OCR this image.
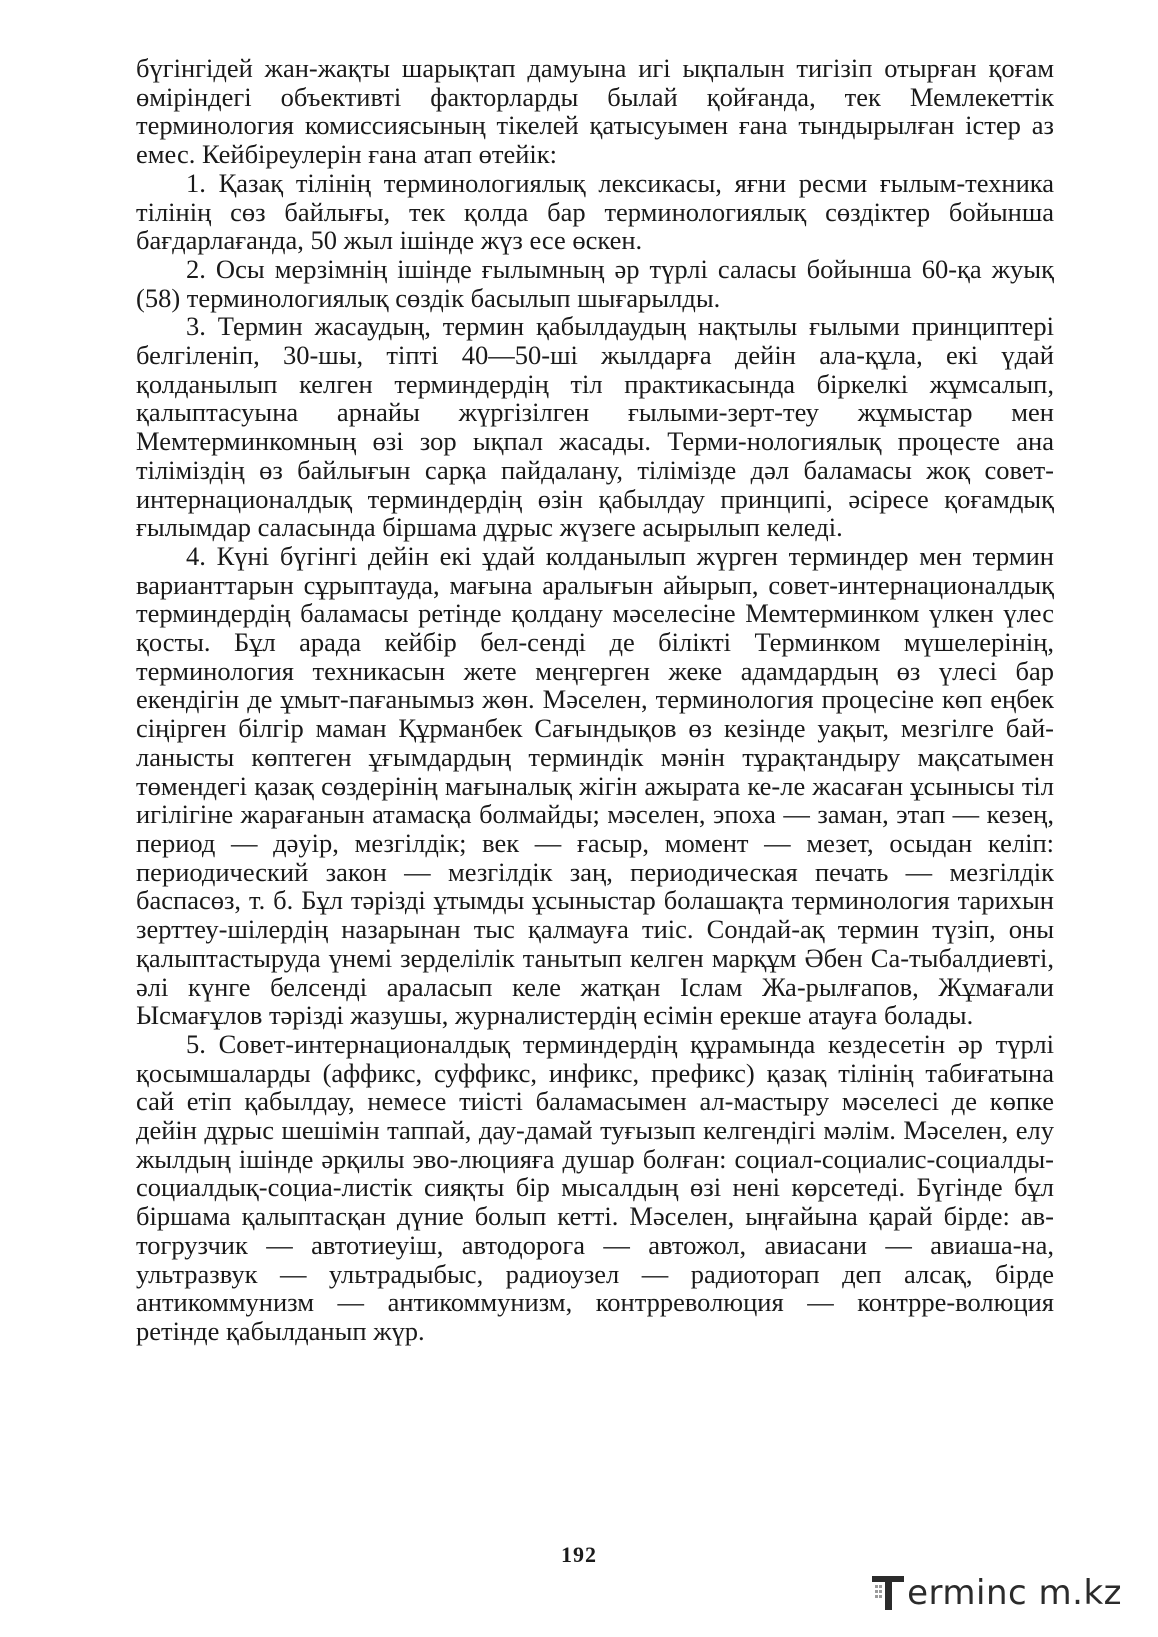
бүгінгідей жан-жақты шарықтап дамуына игі ықпалын тигізіп отырған қоғам өміріндегі объективті факторларды былай қойғанда, тек Мемлекеттік терминология комиссиясының тікелей қатысуымен ғана тындырылған істер аз емес. Кейбіреулерін ғана атап өтейік:

1. Қазақ тілінің терминологиялық лексикасы, яғни ресми ғылым-техника тілінің сөз байлығы, тек қолда бар терминологиялық сөздіктер бойынша бағдарлағанда, 50 жыл ішінде жүз есе өскен.

2. Осы мерзімнің ішінде ғылымның әр түрлі саласы бойынша 60-қа жуық (58) терминологиялық сөздік басылып шығарылды.

3. Термин жасаудың, термин қабылдаудың нақтылы ғылыми принциптері белгіленіп, 30-шы, тіпті 40—50-ші жылдарға дейін ала-құла, екі үдай қолданылып келген терминдердің тіл практикасында біркелкі жұмсалып, қалыптасуына арнайы жүргізілген ғылыми-зерт-теу жұмыстар мен Мемтерминкомның өзі зор ықпал жасады. Терми-нологиялық процесте ана тіліміздің өз байлығын сарқа пайдалану, тілімізде дәл баламасы жоқ совет-интернационалдық терминдердің өзін қабылдау принципі, әсіресе қоғамдық ғылымдар саласында біршама дұрыс жүзеге асырылып келеді.

4. Күні бүгінгі дейін екі ұдай колданылып жүрген терминдер мен термин варианттарын сұрыптауда, мағына аралығын айырып, совет-интернационалдық терминдердің баламасы ретінде қолдану мәселесіне Мемтерминком үлкен үлес қосты. Бұл арада кейбір бел-сенді де білікті Терминком мүшелерінің, терминология техникасын жете меңгерген жеке адамдардың өз үлесі бар екендігін де ұмыт-пағанымыз жөн. Мәселен, терминология процесіне көп еңбек сіңірген білгір маман Құрманбек Сағындықов өз кезінде уақыт, мезгілге бай-ланысты көптеген ұғымдардың терминдік мәнін тұрақтандыру мақсатымен төмендегі қазақ сөздерінің мағыналық жігін ажырата ке-ле жасаған ұсынысы тіл игілігіне жарағанын атамасқа болмайды; мәселен, эпоха — заман, этап — кезең, период — дәуір, мезгілдік; век — ғасыр, момент — мезет, осыдан келіп: периодический закон — мезгілдік заң, периодическая печать — мезгілдік баспасөз, т. б. Бұл тәрізді ұтымды ұсыныстар болашақта терминология тарихын зерттеу-шілердің назарынан тыс қалмауға тиіс. Сондай-ақ термин түзіп, оны қалыптастыруда үнемі зерделілік танытып келген марқұм Әбен Са-тыбалдиевті, әлі күнге белсенді араласып келе жатқан Іслам Жа-рылғапов, Жұмағали Ысмағұлов тәрізді жазушы, журналистердің есімін ерекше атауға болады.

5. Совет-интернационалдық терминдердің құрамында кездесетін әр түрлі қосымшаларды (аффикс, суффикс, инфикс, префикс) қазақ тілінің табиғатына сай етіп қабылдау, немесе тиісті баламасымен ал-мастыру мәселесі де көпке дейін дұрыс шешімін таппай, дау-дамай туғызып келгендігі мәлім. Мәселен, елу жылдың ішінде әрқилы эво-люцияға душар болған: социал-социалис-социалды-социалдық-социа-листік сияқты бір мысалдың өзі нені көрсетеді. Бүгінде бұл біршама қалыптасқан дүние болып кетті. Мәселен, ыңғайына қарай бірде: ав-тогрузчик — автотиеуіш, автодорога — автожол, авиасани — авиаша-на, ультразвук — ультрадыбыс, радиоузел — радиоторап деп алсақ, бірде антикоммунизм — антикоммунизм, контрреволюция — контрре-волюция ретінде қабылданып жүр.

192
erminc m.kz
